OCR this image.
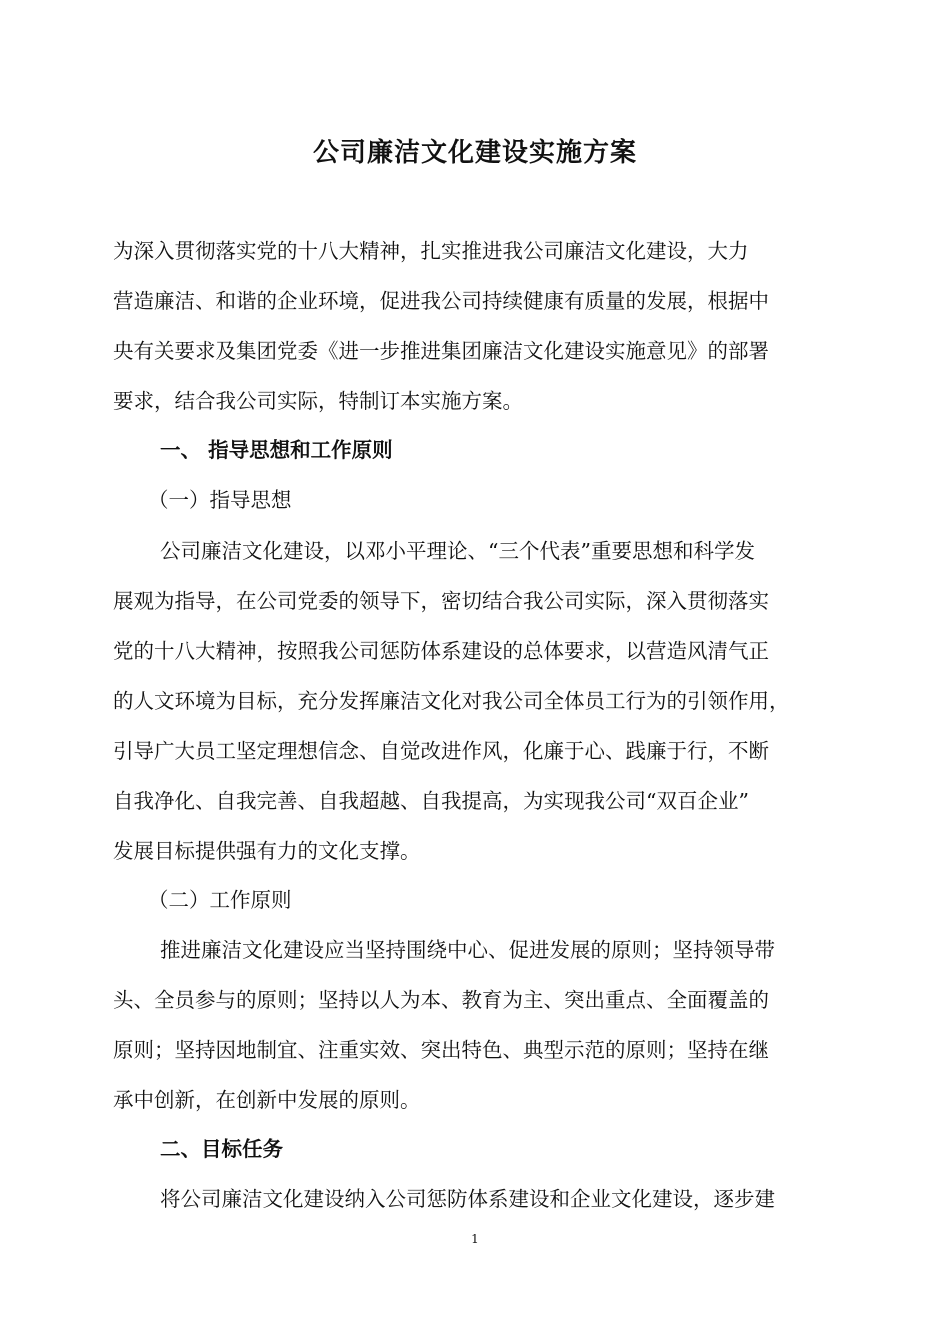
公司廉洁文化建设实施方案
为深入贯彻落实党的十八大精神，扎实推进我公司廉洁文化建设，大力
营造廉洁、和谐的企业环境，促进我公司持续健康有质量的发展，根据中
央有关要求及集团党委《进一步推进集团廉洁文化建设实施意见》的部署
要求，结合我公司实际，特制订本实施方案。
一、 指导思想和工作原则
（一）指导思想
公司廉洁文化建设，以邓小平理论、“三个代表”重要思想和科学发
展观为指导，在公司党委的领导下，密切结合我公司实际，深入贯彻落实
党的十八大精神，按照我公司惩防体系建设的总体要求，以营造风清气正
的人文环境为目标，充分发挥廉洁文化对我公司全体员工行为的引领作用，
引导广大员工坚定理想信念、自觉改进作风，化廉于心、践廉于行，不断
自我净化、自我完善、自我超越、自我提高，为实现我公司“双百企业”
发展目标提供强有力的文化支撑。
（二）工作原则
推进廉洁文化建设应当坚持围绕中心、促进发展的原则；坚持领导带
头、全员参与的原则；坚持以人为本、教育为主、突出重点、全面覆盖的
原则；坚持因地制宜、注重实效、突出特色、典型示范的原则；坚持在继
承中创新，在创新中发展的原则。
二、目标任务
将公司廉洁文化建设纳入公司惩防体系建设和企业文化建设，逐步建
1
